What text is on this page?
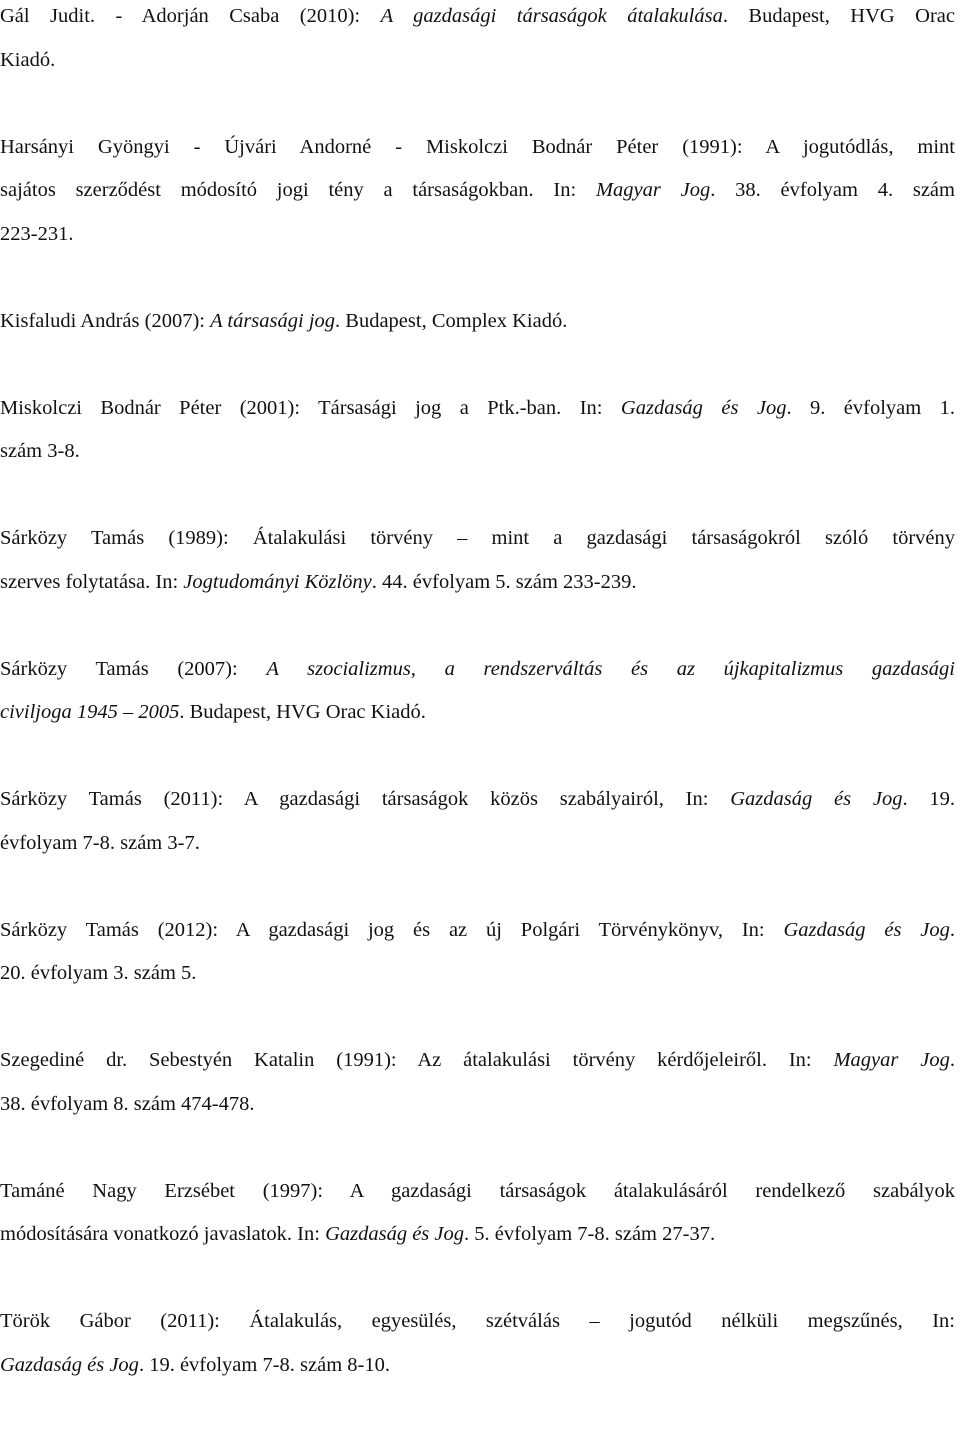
Gál Judit. - Adorján Csaba (2010): A gazdasági társaságok átalakulása. Budapest, HVG Orac
Kiadó.

Harsányi Gyöngyi - Újvári Andorné - Miskolczi Bodnár Péter (1991): A jogutódlás, mint
sajátos szerződést módosító jogi tény a társaságokban. In: Magyar Jog. 38. évfolyam 4. szám
223-231.

Kisfaludi András (2007): A társasági jog. Budapest, Complex Kiadó.

Miskolczi Bodnár Péter (2001): Társasági jog a Ptk.-ban. In: Gazdaság és Jog. 9. évfolyam 1.
szám 3-8.

Sárközy Tamás (1989): Átalakulási törvény – mint a gazdasági társaságokról szóló törvény
szerves folytatása. In: Jogtudományi Közlöny. 44. évfolyam 5. szám 233-239.

Sárközy Tamás (2007): A szocializmus, a rendszerváltás és az újkapitalizmus gazdasági
civiljoga 1945 – 2005. Budapest, HVG Orac Kiadó.

Sárközy Tamás (2011): A gazdasági társaságok közös szabályairól, In: Gazdaság és Jog. 19.
évfolyam 7-8. szám 3-7.

Sárközy Tamás (2012): A gazdasági jog és az új Polgári Törvénykönyv, In: Gazdaság és Jog.
20. évfolyam 3. szám 5.

Szegediné dr. Sebestyén Katalin (1991): Az átalakulási törvény kérdőjeleiről. In: Magyar Jog.
38. évfolyam 8. szám 474-478.

Tamáné Nagy Erzsébet (1997): A gazdasági társaságok átalakulásáról rendelkező szabályok
módosítására vonatkozó javaslatok. In: Gazdaság és Jog. 5. évfolyam 7-8. szám 27-37.

Török Gábor (2011): Átalakulás, egyesülés, szétválás – jogutód nélküli megszűnés, In:
Gazdaság és Jog. 19. évfolyam 7-8. szám 8-10.
